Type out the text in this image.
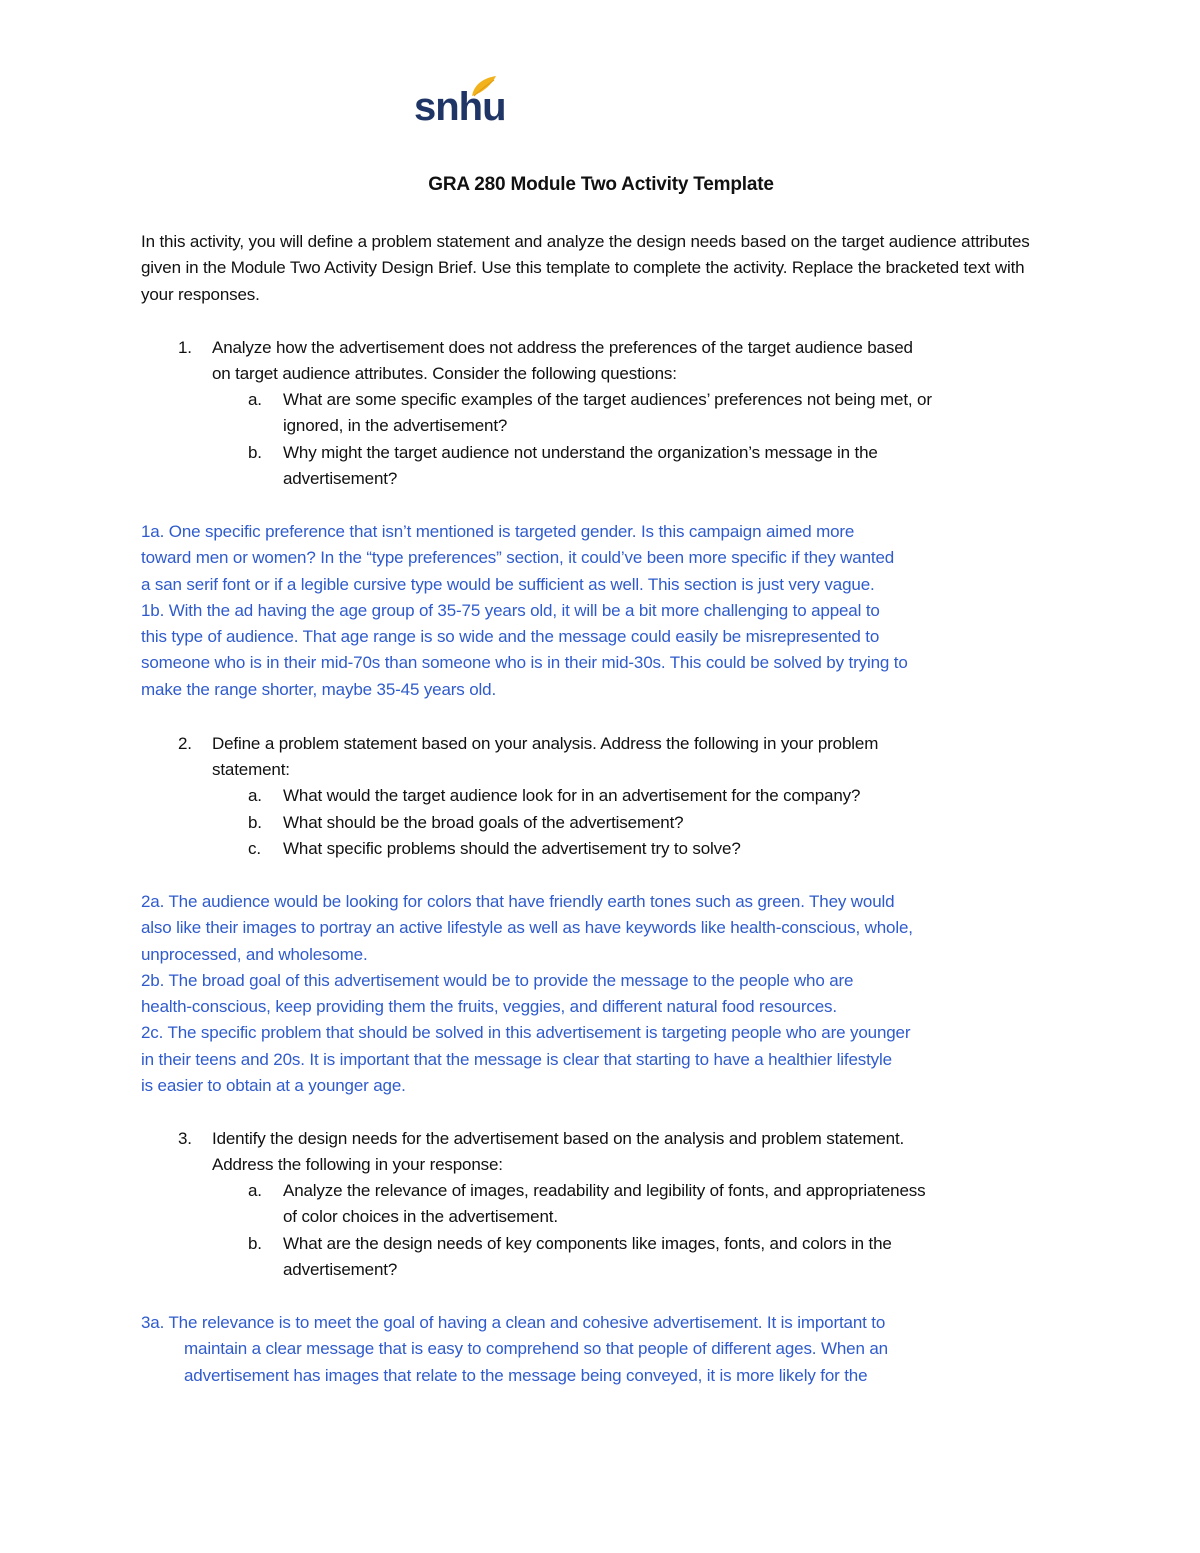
snhu
GRA 280 Module Two Activity Template
In this activity, you will define a problem statement and analyze the design needs based on the target audience attributes given in the Module Two Activity Design Brief. Use this template to complete the activity. Replace the bracketed text with your responses.
1. Analyze how the advertisement does not address the preferences of the target audience based
on target audience attributes. Consider the following questions:
a. What are some specific examples of the target audiences’ preferences not being met, or
ignored, in the advertisement?
b. Why might the target audience not understand the organization’s message in the
advertisement?
1a. One specific preference that isn’t mentioned is targeted gender. Is this campaign aimed more
toward men or women? In the “type preferences” section, it could’ve been more specific if they wanted
a san serif font or if a legible cursive type would be sufficient as well. This section is just very vague.
1b. With the ad having the age group of 35-75 years old, it will be a bit more challenging to appeal to
this type of audience. That age range is so wide and the message could easily be misrepresented to
someone who is in their mid-70s than someone who is in their mid-30s. This could be solved by trying to
make the range shorter, maybe 35-45 years old.
2. Define a problem statement based on your analysis. Address the following in your problem
statement:
a. What would the target audience look for in an advertisement for the company?
b. What should be the broad goals of the advertisement?
c. What specific problems should the advertisement try to solve?
2a. The audience would be looking for colors that have friendly earth tones such as green. They would
also like their images to portray an active lifestyle as well as have keywords like health-conscious, whole,
unprocessed, and wholesome.
2b. The broad goal of this advertisement would be to provide the message to the people who are
health-conscious, keep providing them the fruits, veggies, and different natural food resources.
2c. The specific problem that should be solved in this advertisement is targeting people who are younger
in their teens and 20s. It is important that the message is clear that starting to have a healthier lifestyle
is easier to obtain at a younger age.
3. Identify the design needs for the advertisement based on the analysis and problem statement.
Address the following in your response:
a. Analyze the relevance of images, readability and legibility of fonts, and appropriateness
of color choices in the advertisement.
b. What are the design needs of key components like images, fonts, and colors in the
advertisement?
3a. The relevance is to meet the goal of having a clean and cohesive advertisement. It is important to
maintain a clear message that is easy to comprehend so that people of different ages. When an
advertisement has images that relate to the message being conveyed, it is more likely for the
